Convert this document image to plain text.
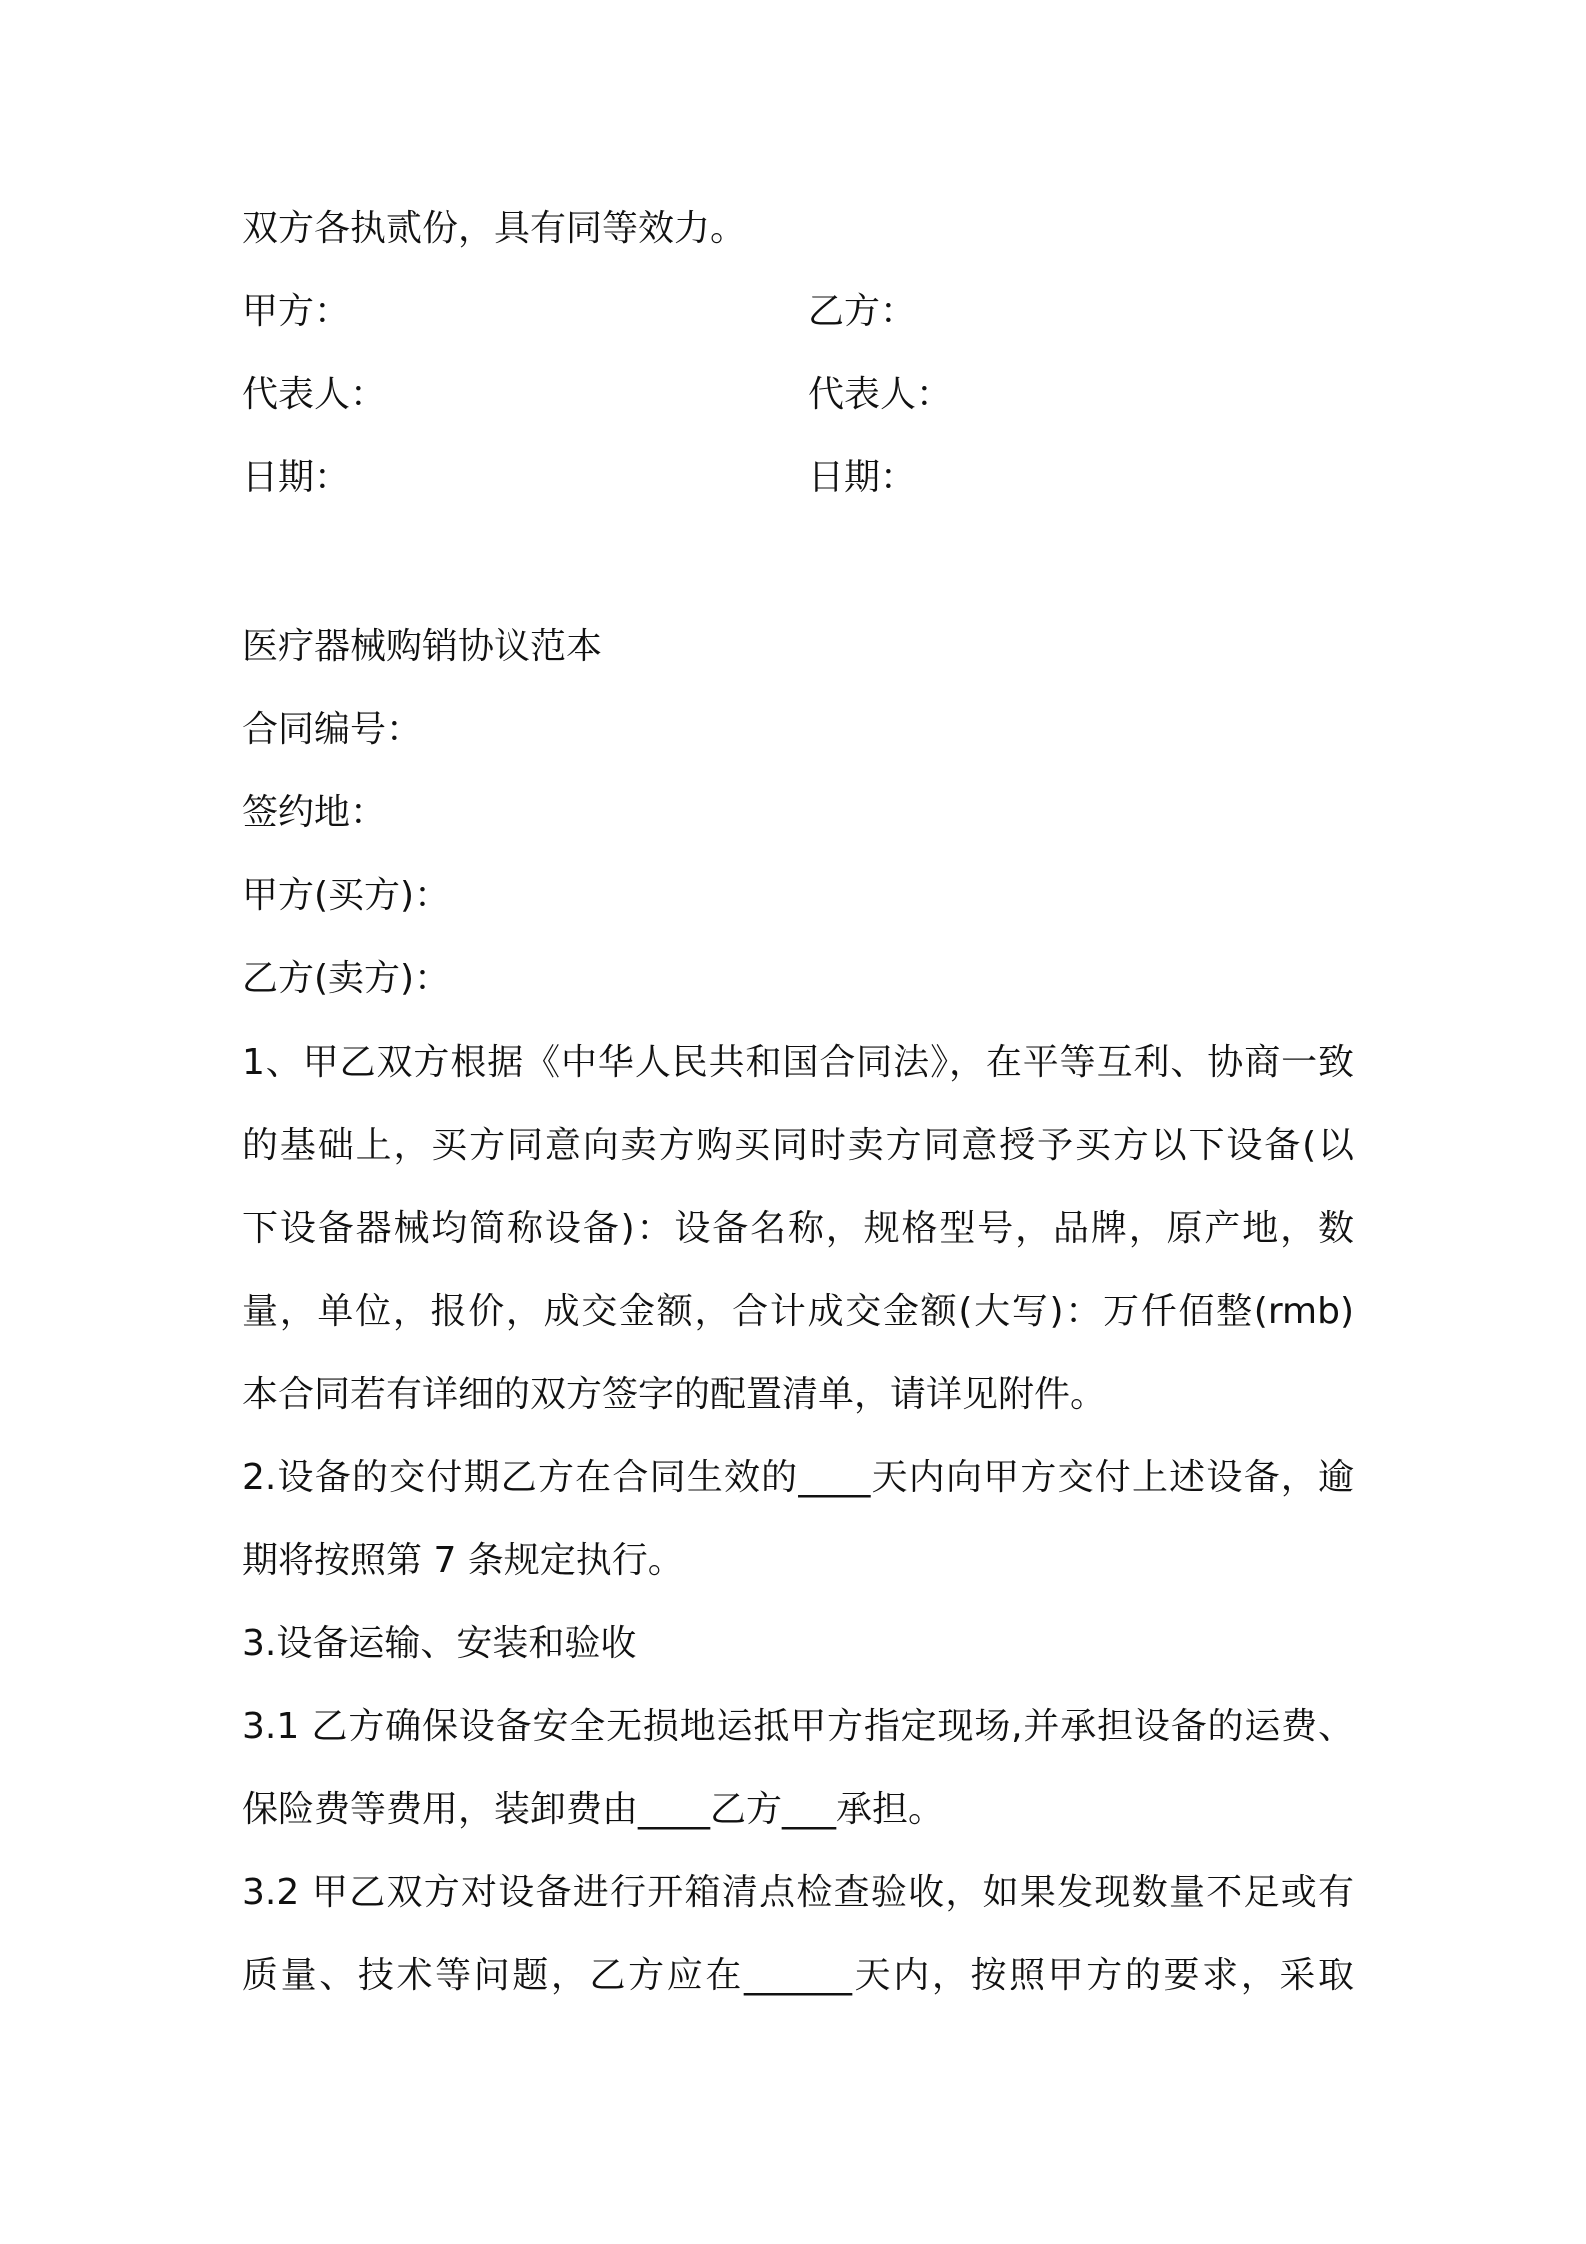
双方各执贰份，具有同等效力。
甲方：	乙方：
代表人：	代表人：
日期：	日期：
医疗器械购销协议范本
合同编号：
签约地：
甲方(买方)：
乙方(卖方)：
1、甲乙双方根据《中华人民共和国合同法》，在平等互利、协商一致
的基础上，买方同意向卖方购买同时卖方同意授予买方以下设备(以
下设备器械均简称设备)：设备名称，规格型号，品牌，原产地，数
量，单位，报价，成交金额，合计成交金额(大写)：万仟佰整(rmb)
本合同若有详细的双方签字的配置清单，请详见附件。
2.设备的交付期乙方在合同生效的____天内向甲方交付上述设备，逾
期将按照第 7 条规定执行。
3.设备运输、安装和验收
3.1 乙方确保设备安全无损地运抵甲方指定现场,并承担设备的运费、
保险费等费用，装卸费由____乙方___承担。
3.2 甲乙双方对设备进行开箱清点检查验收，如果发现数量不足或有
质量、技术等问题，乙方应在______天内，按照甲方的要求，采取
